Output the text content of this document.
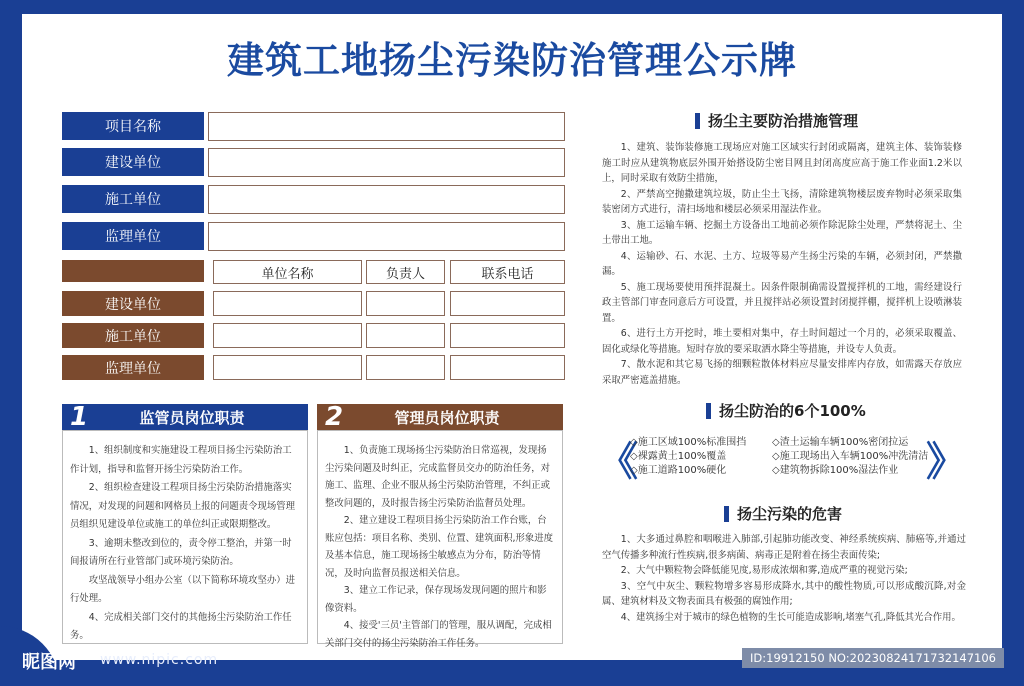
建筑工地扬尘污染防治管理公示牌
项目名称
建设单位
施工单位
监理单位
单位名称	负责人	联系电话
建设单位
施工单位
监理单位
1	监管员岗位职责

1、组织制度和实施建设工程项目扬尘污染防治工作计划，指导和监督开扬尘污染防治工作。

2、组织检查建设工程项目扬尘污染防治措施落实情况，对发现的问题和网格员上报的问题责令现场管理员组织见建设单位或施工的单位纠正或限期整改。

3、逾期未整改到位的，责令停工整治，并第一时间报请所在行业管部门或环境污染防治。

攻坚战领导小组办公室（以下简称环境攻坚办）进行处理。

4、完成相关部门交付的其他扬尘污染防治工作任务。

2	管理员岗位职责

1、负责施工现场扬尘污染防治日常巡视，发现扬尘污染问题及时纠正，完成监督员交办的防治任务，对施工、监理、企业不服从扬尘污染防治管理，不纠正或整改问题的，及时报告扬尘污染防治监督员处理。

2、建立建设工程项目扬尘污染防治工作台账，台账应包括：项目名称、类别、位置、建筑面积,形象进度及基本信息，施工现场扬尘敏感点为分布，防治等情况，及时向监督员报送相关信息。

3、建立工作记录，保存现场发现问题的照片和影像资料。

4、接受'三员'主管部门的管理，服从调配，完成相关部门交付的扬尘污染防治工作任务。

扬尘主要防治措施管理

1、建筑、装饰装修施工现场应对施工区域实行封闭或隔离，建筑主体、装饰装修施工时应从建筑物底层外围开始搭设防尘密目网且封闭高度应高于施工作业面1.2米以上，同时采取有效防尘措施，

2、严禁高空抛撒建筑垃圾，防止尘土飞扬，清除建筑物楼层废弃物时必须采取集装密闭方式进行，清扫场地和楼层必须采用湿法作业。

3、施工运输车辆、挖掘土方设备出工地前必须作除泥除尘处理，严禁将泥土、尘土带出工地。

4、运输砂、石、水泥、土方、垃圾等易产生扬尘污染的车辆，必须封闭，严禁撒漏。

5、施工现场要使用预拌混凝土。因条件限制确需设置搅拌机的工地，需经建设行政主管部门审查同意后方可设置，并且搅拌站必须设置封闭搅拌棚，搅拌机上设喷淋装置。

6、进行土方开挖时，堆土要相对集中，存土时间超过一个月的，必须采取覆盖、固化或绿化等措施。短时存放的要采取洒水降尘等措施，并设专人负责。

7、散水泥和其它易飞扬的细颗粒散体材料应尽量安排库内存放，如需露天存放应采取严密遮盖措施。

扬尘防治的6个100%
《	》
◇施工区域100%标准围挡
◇裸露黄土100%覆盖
◇施工道路100%硬化
◇渣土运输车辆100%密闭拉运
◇施工现场出入车辆100%冲洗清洁
◇建筑物拆除100%湿法作业
扬尘污染的危害

1、大多通过鼻腔和咽喉进入肺部,引起肺功能改变、神经系统疾病、肺癌等,并通过空气传播多种流行性疾病,很多病菌、病毒正是附着在扬尘表面传染;

2、大气中颗粒物会降低能见度,易形成浓烟和雾,造成严重的视觉污染;

3、空气中灰尘、颗粒物增多容易形成降水,其中的酸性物质,可以形成酸沉降,对金属、建筑材料及文物表面具有极强的腐蚀作用;

4、建筑扬尘对于城市的绿色植物的生长可能造成影响,堵塞气孔,降低其光合作用。

昵图网 www.nipic.com	ID:19912150 NO:20230824171732147106
